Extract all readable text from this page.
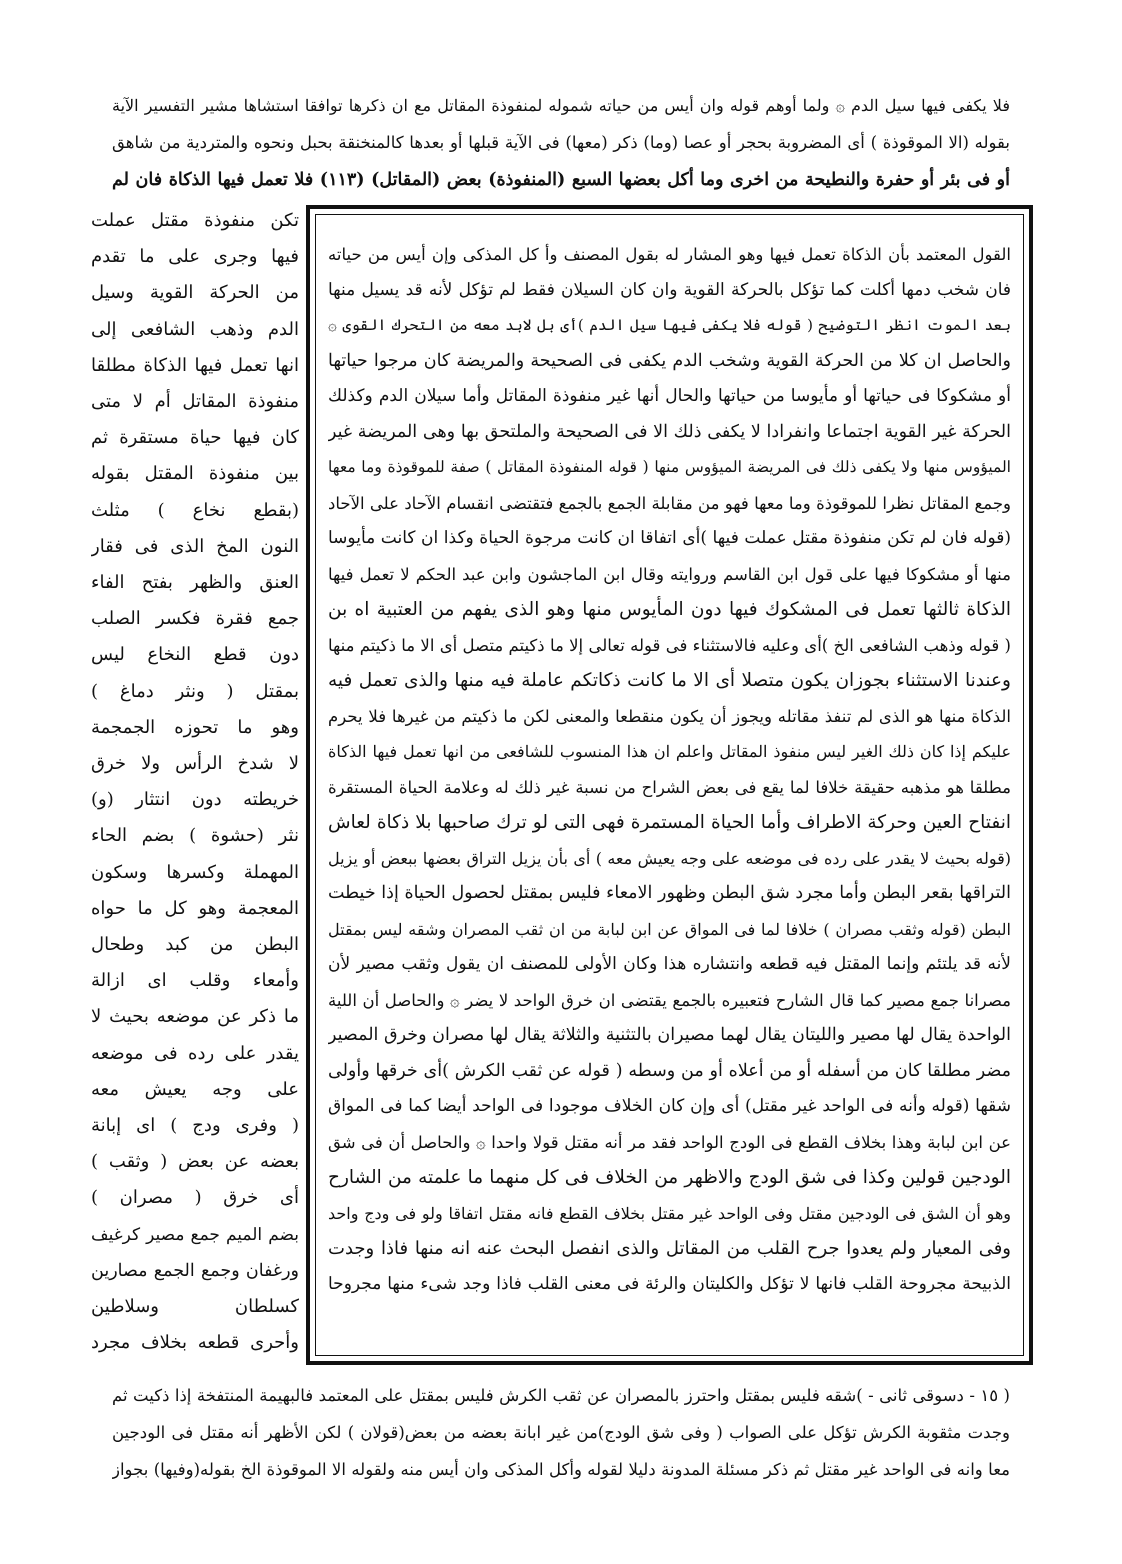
فلا يكفى فيها سيل الدم ۞ ولما أوهم قوله وان أيس من حياته شموله لمنفوذة المقاتل مع ان ذكرها توافقا استشاها مشير التفسير الآية
بقوله (الا الموقوذة ) أى المضروبة بحجر أو عصا (وما) ذكر (معها) فى الآية قبلها أو بعدها كالمنخنقة بحبل ونحوه والمتردية من شاهق
أو فى بئر أو حفرة والنطيحة من اخرى وما أكل بعضها السبع (المنفوذة) بعض (المقاتل) (١١٣) فلا تعمل فيها الذكاة فان لم
القول المعتمد بأن الذكاة تعمل فيها وهو المشار له بقول المصنف وأ كل المذكى وإن أيس من حياته
فان شخب دمها أكلت كما تؤكل بالحركة القوية وان كان السيلان فقط لم تؤكل لأنه قد يسيل منها
بعد الموت انظر التوضيح ( قوله فلا يكفى فيها سيل الدم )أى بل لابد معه من التحرك القوى ۞
والحاصل ان كلا من الحركة القوية وشخب الدم يكفى فى الصحيحة والمريضة كان مرجوا حياتها
أو مشكوكا فى حياتها أو مأيوسا من حياتها والحال أنها غير منفوذة المقاتل وأما سيلان الدم وكذلك
الحركة غير القوية اجتماعا وانفرادا لا يكفى ذلك الا فى الصحيحة والملتحق بها وهى المريضة غير
الميؤوس منها ولا يكفى ذلك فى المريضة الميؤوس منها ( قوله المنفوذة المقاتل ) صفة للموقوذة وما معها
وجمع المقاتل نظرا للموقوذة وما معها فهو من مقابلة الجمع بالجمع فتقتضى انقسام الآحاد على الآحاد
(قوله فان لم تكن منفوذة مقتل عملت فيها )أى اتفاقا ان كانت مرجوة الحياة وكذا ان كانت مأيوسا
منها أو مشكوكا فيها على قول ابن القاسم وروايته وقال ابن الماجشون وابن عبد الحكم لا تعمل فيها
الذكاة ثالثها تعمل فى المشكوك فيها دون المأيوس منها وهو الذى يفهم من العتبية اه بن
( قوله وذهب الشافعى الخ )أى وعليه فالاستثناء فى قوله تعالى إلا ما ذكيتم متصل أى الا ما ذكيتم منها
وعندنا الاستثناء بجوزان يكون متصلا أى الا ما كانت ذكاتكم عاملة فيه منها والذى تعمل فيه
الذكاة منها هو الذى لم تنفذ مقاتله ويجوز أن يكون منقطعا والمعنى لكن ما ذكيتم من غيرها فلا يحرم
عليكم إذا كان ذلك الغير ليس منفوذ المقاتل واعلم ان هذا المنسوب للشافعى من انها تعمل فيها الذكاة
مطلقا هو مذهبه حقيقة خلافا لما يقع فى بعض الشراح من نسبة غير ذلك له وعلامة الحياة المستقرة
انفتاح العين وحركة الاطراف وأما الحياة المستمرة فهى التى لو ترك صاحبها بلا ذكاة لعاش
(قوله بحيث لا يقدر على رده فى موضعه على وجه يعيش معه ) أى بأن يزيل التراق بعضها ببعض أو يزيل
التراقها بقعر البطن وأما مجرد شق البطن وظهور الامعاء فليس بمقتل لحصول الحياة إذا خيطت
البطن (قوله وثقب مصران ) خلافا لما فى المواق عن ابن لبابة من ان ثقب المصران وشقه ليس بمقتل
لأنه قد يلتئم وإنما المقتل فيه قطعه وانتشاره هذا وكان الأولى للمصنف ان يقول وثقب مصير لأن
مصرانا جمع مصير كما قال الشارح فتعبيره بالجمع يقتضى ان خرق الواحد لا يضر ۞ والحاصل أن اللية
الواحدة يقال لها مصير والليتان يقال لهما مصيران بالتثنية والثلاثة يقال لها مصران وخرق المصير
مضر مطلقا كان من أسفله أو من أعلاه أو من وسطه ( قوله عن ثقب الكرش )أى خرقها وأولى
شقها (قوله وأنه فى الواحد غير مقتل) أى وإن كان الخلاف موجودا فى الواحد أيضا كما فى المواق
عن ابن لبابة وهذا بخلاف القطع فى الودج الواحد فقد مر أنه مقتل قولا واحدا ۞ والحاصل أن فى شق
الودجين قولين وكذا فى شق الودج والاظهر من الخلاف فى كل منهما ما علمته من الشارح
وهو أن الشق فى الودجين مقتل وفى الواحد غير مقتل بخلاف القطع فانه مقتل اتفاقا ولو فى ودج واحد
وفى المعيار ولم يعدوا جرح القلب من المقاتل والذى انفصل البحث عنه انه منها فاذا وجدت
الذبيحة مجروحة القلب فانها لا تؤكل والكليتان والرئة فى معنى القلب فاذا وجد شىء منها مجروحا
تكن منفوذة مقتل عملت
فيها وجرى على ما تقدم
من الحركة القوية وسيل
الدم وذهب الشافعى إلى
انها تعمل فيها الذكاة مطلقا
منفوذة المقاتل أم لا متى
كان فيها حياة مستقرة ثم
بين منفوذة المقتل بقوله
(بقطع نخاع ) مثلث
النون المخ الذى فى فقار
العنق والظهر بفتح الفاء
جمع فقرة فكسر الصلب
دون قطع النخاع ليس
بمقتل ( ونثر دماغ )
وهو ما تحوزه الجمجمة
لا شدخ الرأس ولا خرق
خريطته دون انتثار (و)
نثر (حشوة ) بضم الحاء
المهملة وكسرها وسكون
المعجمة وهو كل ما حواه
البطن من كبد وطحال
وأمعاء وقلب اى ازالة
ما ذكر عن موضعه بحيث لا
يقدر على رده فى موضعه
على وجه يعيش معه
( وفرى ودج ) اى إبانة
بعضه عن بعض ( وثقب )
أى خرق ( مصران )
بضم الميم جمع مصير كرغيف
ورغفان وجمع الجمع مصارين
كسلطان وسلاطين
وأحرى قطعه بخلاف مجرد
( ١٥ - دسوقى ثانى - )شقه فليس بمقتل واحترز بالمصران عن ثقب الكرش فليس بمقتل على المعتمد فالبهيمة المنتفخة إذا ذكيت ثم
وجدت مثقوبة الكرش تؤكل على الصواب ( وفى شق الودج)من غير ابانة بعضه من بعض(قولان ) لكن الأظهر أنه مقتل فى الودجين
معا وانه فى الواحد غير مقتل ثم ذكر مسئلة المدونة دليلا لقوله وأكل المذكى وان أيس منه ولقوله الا الموقوذة الخ بقوله(وفيها) بجواز
